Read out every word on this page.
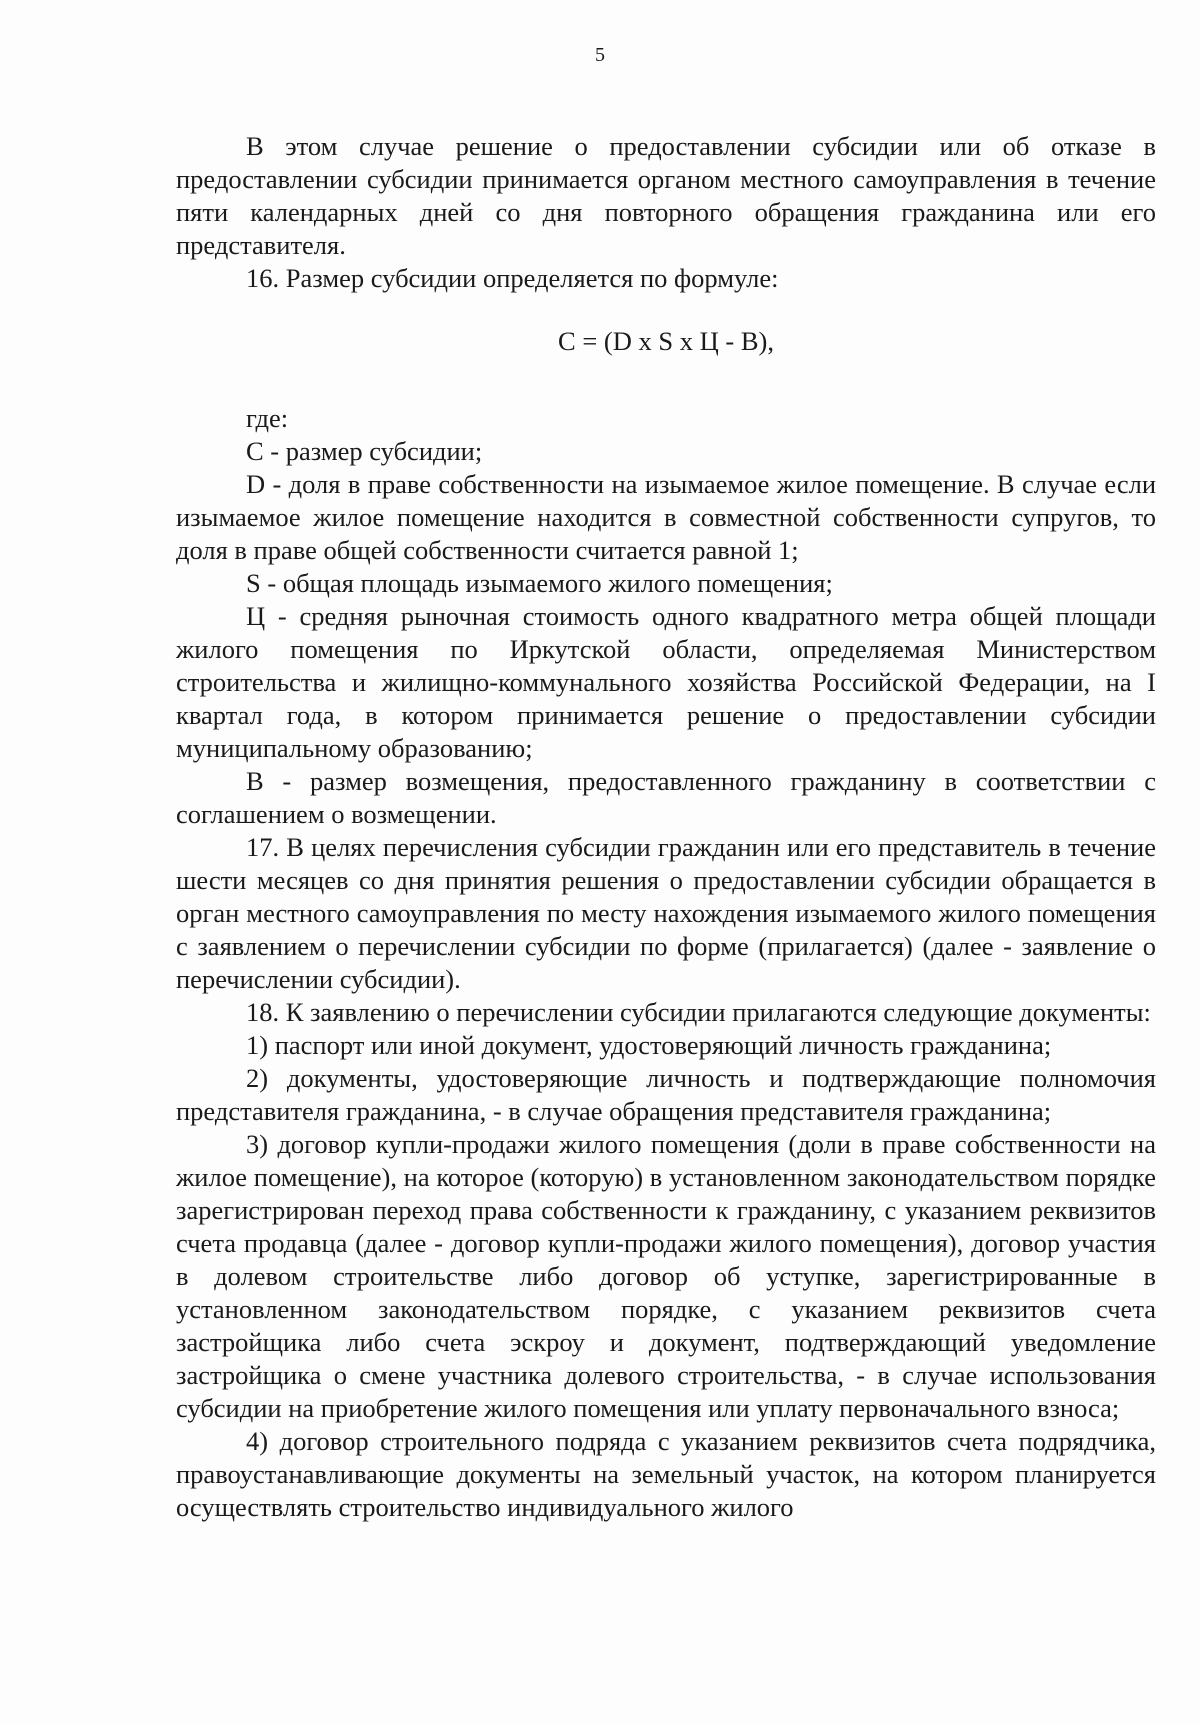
5

В этом случае решение о предоставлении субсидии или об отказе в предоставлении субсидии принимается органом местного самоуправления в течение пяти календарных дней со дня повторного обращения гражданина или его представителя.

16. Размер субсидии определяется по формуле:

С = (D x S x Ц - В),

где:

С - размер субсидии;

D - доля в праве собственности на изымаемое жилое помещение. В случае если изымаемое жилое помещение находится в совместной собственности супругов, то доля в праве общей собственности считается равной 1;

S - общая площадь изымаемого жилого помещения;

Ц - средняя рыночная стоимость одного квадратного метра общей площади жилого помещения по Иркутской области, определяемая Министерством строительства и жилищно-коммунального хозяйства Российской Федерации, на I квартал года, в котором принимается решение о предоставлении субсидии муниципальному образованию;

В - размер возмещения, предоставленного гражданину в соответствии с соглашением о возмещении.

17. В целях перечисления субсидии гражданин или его представитель в течение шести месяцев со дня принятия решения о предоставлении субсидии обращается в орган местного самоуправления по месту нахождения изымаемого жилого помещения с заявлением о перечислении субсидии по форме (прилагается) (далее - заявление о перечислении субсидии).

18. К заявлению о перечислении субсидии прилагаются следующие документы:

1) паспорт или иной документ, удостоверяющий личность гражданина;

2) документы, удостоверяющие личность и подтверждающие полномочия представителя гражданина, - в случае обращения представителя гражданина;

3) договор купли-продажи жилого помещения (доли в праве собственности на жилое помещение), на которое (которую) в установленном законодательством порядке зарегистрирован переход права собственности к гражданину, с указанием реквизитов счета продавца (далее - договор купли-продажи жилого помещения), договор участия в долевом строительстве либо договор об уступке, зарегистрированные в установленном законодательством порядке, с указанием реквизитов счета застройщика либо счета эскроу и документ, подтверждающий уведомление застройщика о смене участника долевого строительства, - в случае использования субсидии на приобретение жилого помещения или уплату первоначального взноса;

4) договор строительного подряда с указанием реквизитов счета подрядчика, правоустанавливающие документы на земельный участок, на котором планируется осуществлять строительство индивидуального жилого
